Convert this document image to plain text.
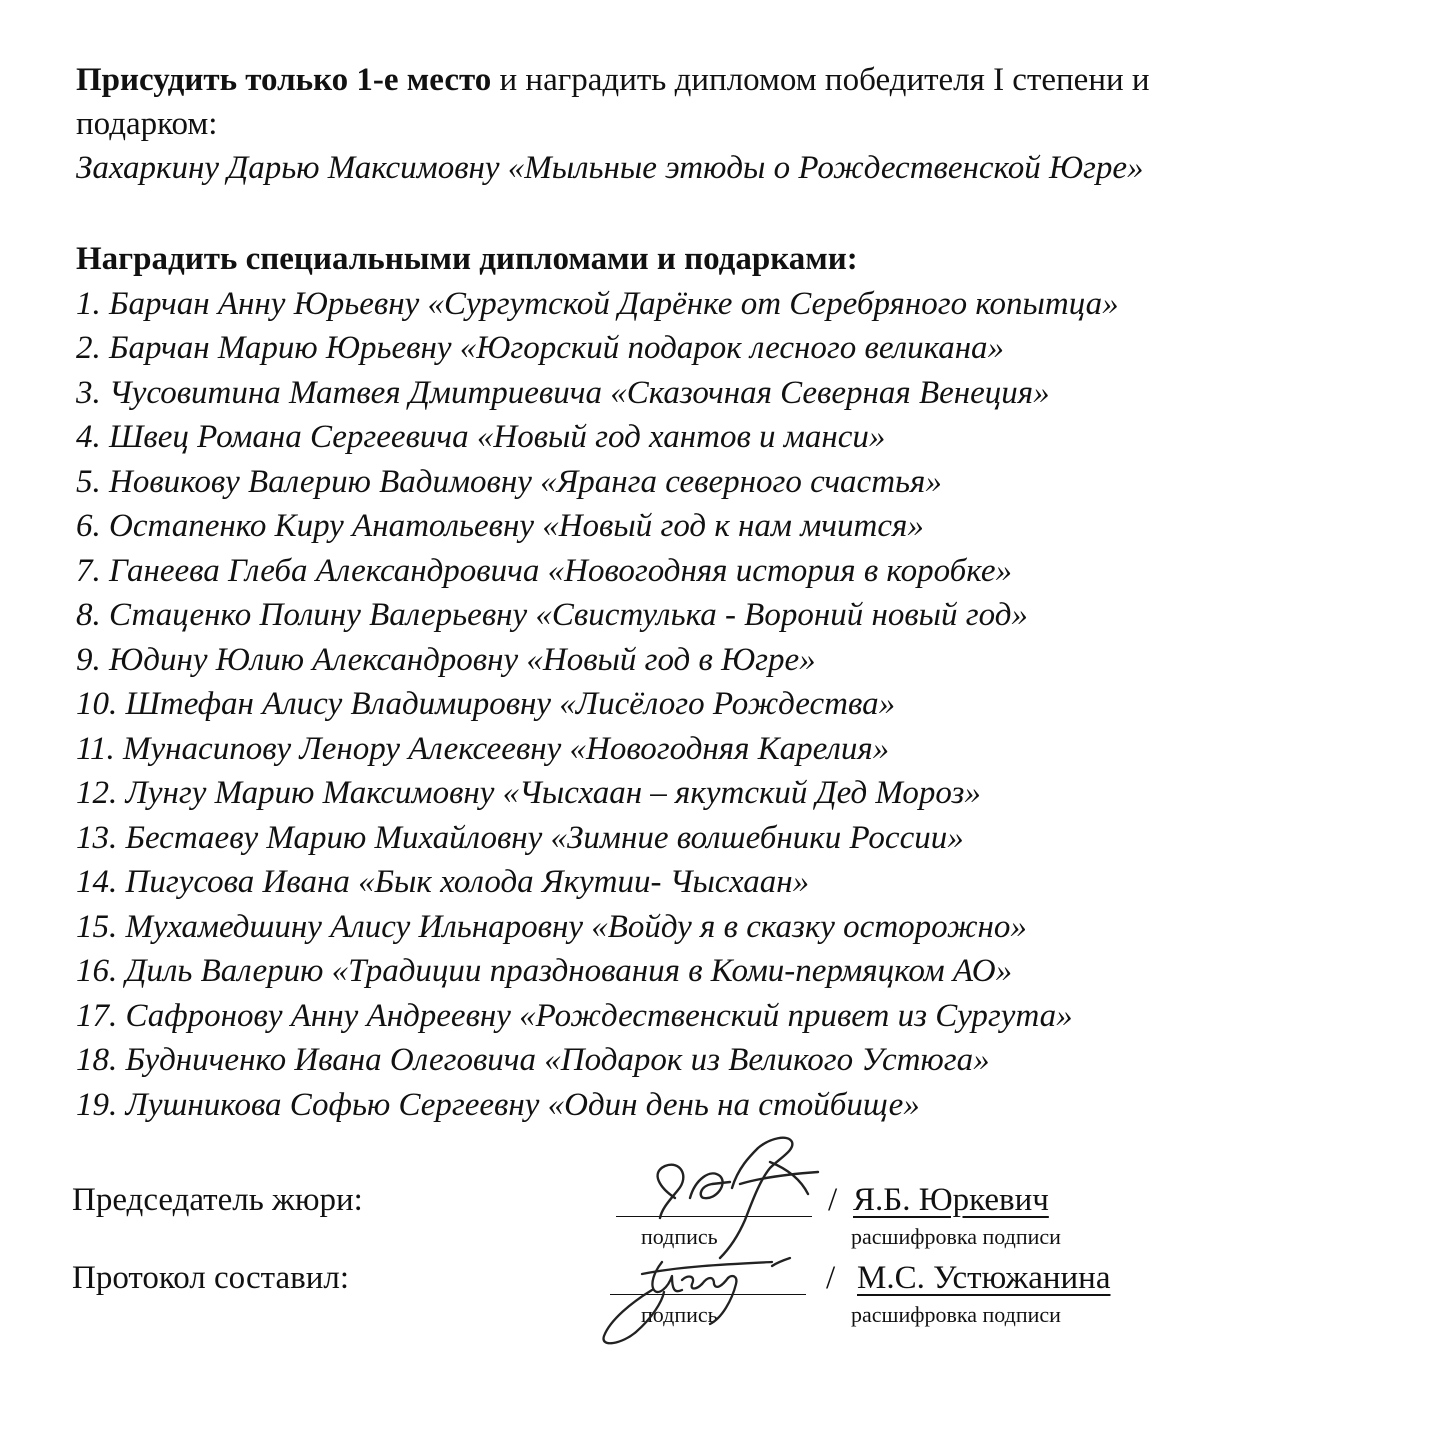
Присудить только 1-е место и наградить дипломом победителя I степени и
подарком:
Захаркину Дарью Максимовну «Мыльные этюды о Рождественской Югре»
Наградить специальными дипломами и подарками:
1. Барчан Анну Юрьевну «Сургутской Дарёнке от Серебряного копытца»
2. Барчан Марию Юрьевну «Югорский подарок лесного великана»
3. Чусовитина Матвея Дмитриевича «Сказочная Северная Венеция»
4. Швец Романа Сергеевича «Новый год хантов и манси»
5. Новикову Валерию Вадимовну «Яранга северного счастья»
6. Остапенко Киру Анатольевну «Новый год к нам мчится»
7. Ганеева Глеба Александровича «Новогодняя история в коробке»
8. Стаценко Полину Валерьевну «Свистулька - Вороний новый год»
9. Юдину Юлию Александровну «Новый год в Югре»
10. Штефан Алису Владимировну «Лисёлого Рождества»
11. Мунасипову Ленору Алексеевну «Новогодняя Карелия»
12. Лунгу Марию Максимовну «Чысхаан – якутский Дед Мороз»
13. Бестаеву Марию Михайловну «Зимние волшебники России»
14. Пигусова Ивана «Бык холода Якутии- Чысхаан»
15. Мухамедшину Алису Ильнаровну «Войду я в сказку осторожно»
16. Диль Валерию «Традиции празднования в Коми-пермяцком АО»
17. Сафронову Анну Андреевну «Рождественский привет из Сургута»
18. Будниченко Ивана Олеговича «Подарок из Великого Устюга»
19. Лушникова Софью Сергеевну «Один день на стойбище»
Председатель жюри:
подпись
/ Я.Б. Юркевич
расшифровка подписи
Протокол составил:
подпись
/ М.С. Устюжанина
расшифровка подписи
